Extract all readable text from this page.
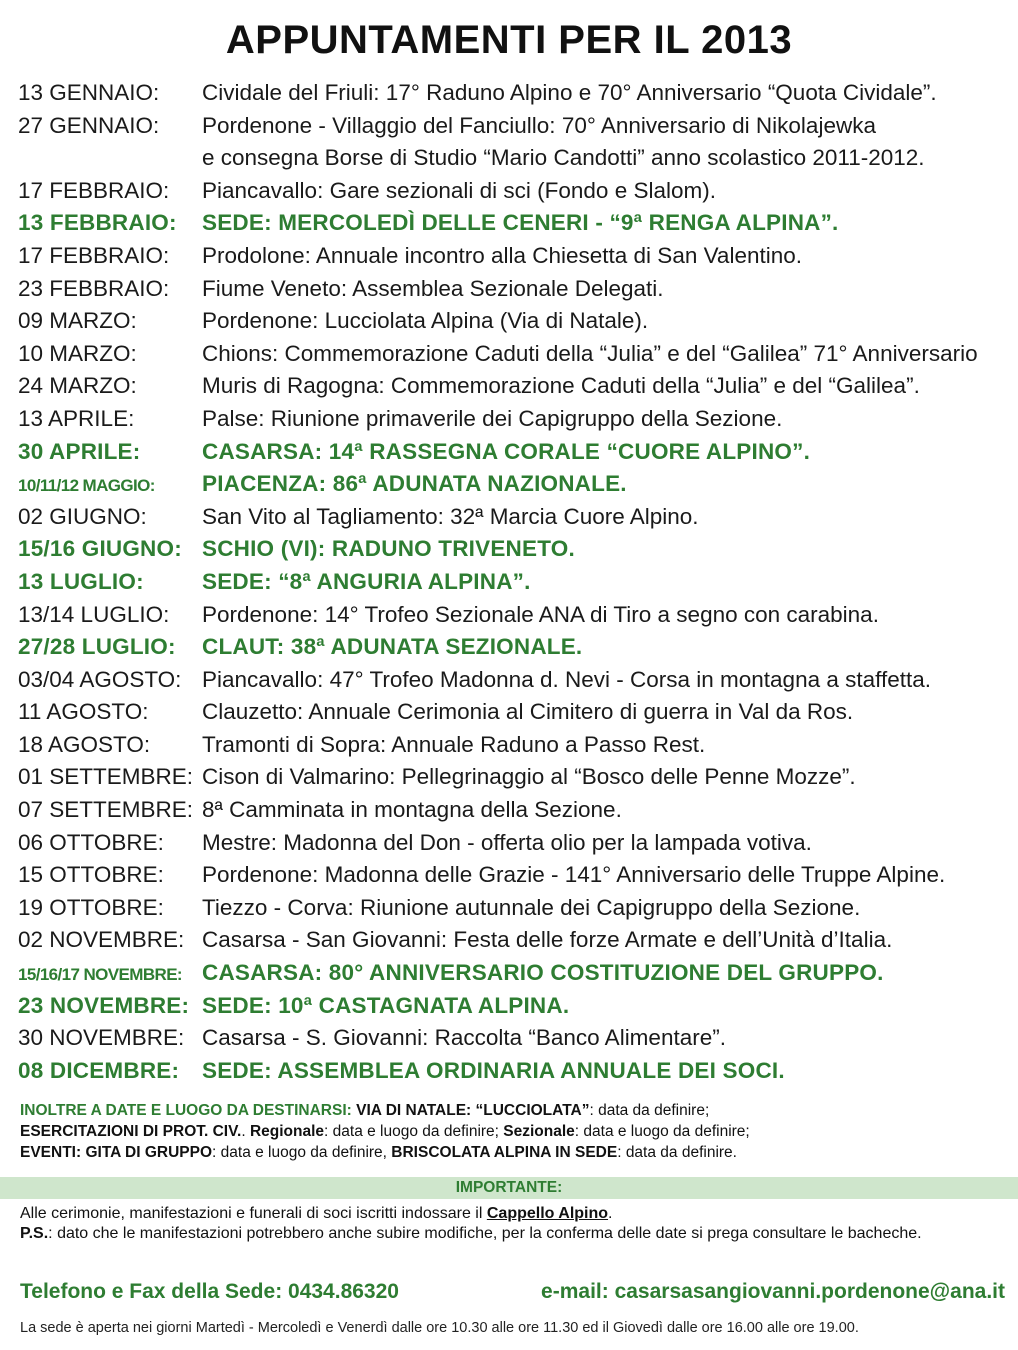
APPUNTAMENTI PER IL 2013
13 GENNAIO:	Cividale del Friuli: 17° Raduno Alpino e 70° Anniversario “Quota Cividale”.
27 GENNAIO:	Pordenone - Villaggio del Fanciullo: 70° Anniversario di Nikolajewka
e consegna Borse di Studio “Mario Candotti” anno scolastico 2011-2012.
17 FEBBRAIO:	Piancavallo: Gare sezionali di sci (Fondo e Slalom).
13 FEBBRAIO:	SEDE: MERCOLEDÌ DELLE CENERI - “9ª RENGA ALPINA”.
17 FEBBRAIO:	Prodolone: Annuale incontro alla Chiesetta di San Valentino.
23 FEBBRAIO:	Fiume Veneto: Assemblea Sezionale Delegati.
09 MARZO:	Pordenone: Lucciolata Alpina (Via di Natale).
10 MARZO:	Chions: Commemorazione Caduti della “Julia” e del “Galilea” 71° Anniversario
24 MARZO:	Muris di Ragogna: Commemorazione Caduti della “Julia” e del “Galilea”.
13 APRILE:	Palse: Riunione primaverile dei Capigruppo della Sezione.
30 APRILE:	CASARSA: 14ª RASSEGNA CORALE “CUORE ALPINO”.
10/11/12 MAGGIO:	PIACENZA: 86ª ADUNATA NAZIONALE.
02 GIUGNO:	San Vito al Tagliamento: 32ª Marcia Cuore Alpino.
15/16 GIUGNO: SCHIO (VI): RADUNO TRIVENETO.
13 LUGLIO:	SEDE: “8ª ANGURIA ALPINA”.
13/14 LUGLIO:	Pordenone: 14° Trofeo Sezionale ANA di Tiro a segno con carabina.
27/28 LUGLIO:	CLAUT: 38ª ADUNATA SEZIONALE.
03/04 AGOSTO: Piancavallo: 47° Trofeo Madonna d. Nevi - Corsa in montagna a staffetta.
11 AGOSTO:	Clauzetto: Annuale Cerimonia al Cimitero di guerra in Val da Ros.
18 AGOSTO:	Tramonti di Sopra: Annuale Raduno a Passo Rest.
01 SETTEMBRE: Cison di Valmarino: Pellegrinaggio al “Bosco delle Penne Mozze”.
07 SETTEMBRE: 8ª Camminata in montagna della Sezione.
06 OTTOBRE:	Mestre: Madonna del Don - offerta olio per la lampada votiva.
15 OTTOBRE:	Pordenone: Madonna delle Grazie - 141° Anniversario delle Truppe Alpine.
19 OTTOBRE:	Tiezzo - Corva: Riunione autunnale dei Capigruppo della Sezione.
02 NOVEMBRE: Casarsa - San Giovanni: Festa delle forze Armate e dell’Unità d’Italia.
15/16/17 NOVEMBRE: CASARSA: 80° ANNIVERSARIO COSTITUZIONE DEL GRUPPO.
23 NOVEMBRE: SEDE: 10ª CASTAGNATA ALPINA.
30 NOVEMBRE: Casarsa - S. Giovanni: Raccolta “Banco Alimentare”.
08 DICEMBRE:	SEDE: ASSEMBLEA ORDINARIA ANNUALE DEI SOCI.
INOLTRE A DATE E LUOGO DA DESTINARSI: VIA DI NATALE: “LUCCIOLATA”: data da definire;
ESERCITAZIONI DI PROT. CIV.. Regionale: data e luogo da definire; Sezionale: data e luogo da definire;
EVENTI: GITA DI GRUPPO: data e luogo da definire, BRISCOLATA ALPINA IN SEDE: data da definire.
IMPORTANTE:
Alle cerimonie, manifestazioni e funerali di soci iscritti indossare il Cappello Alpino.
P.S.: dato che le manifestazioni potrebbero anche subire modifiche, per la conferma delle date si prega consultare le bacheche.
Telefono e Fax della Sede: 0434.86320	e-mail: casarsasangiovanni.pordenone@ana.it
La sede è aperta nei giorni Martedì - Mercoledì e Venerdì dalle ore 10.30 alle ore 11.30 ed il Giovedì dalle ore 16.00 alle ore 19.00.
